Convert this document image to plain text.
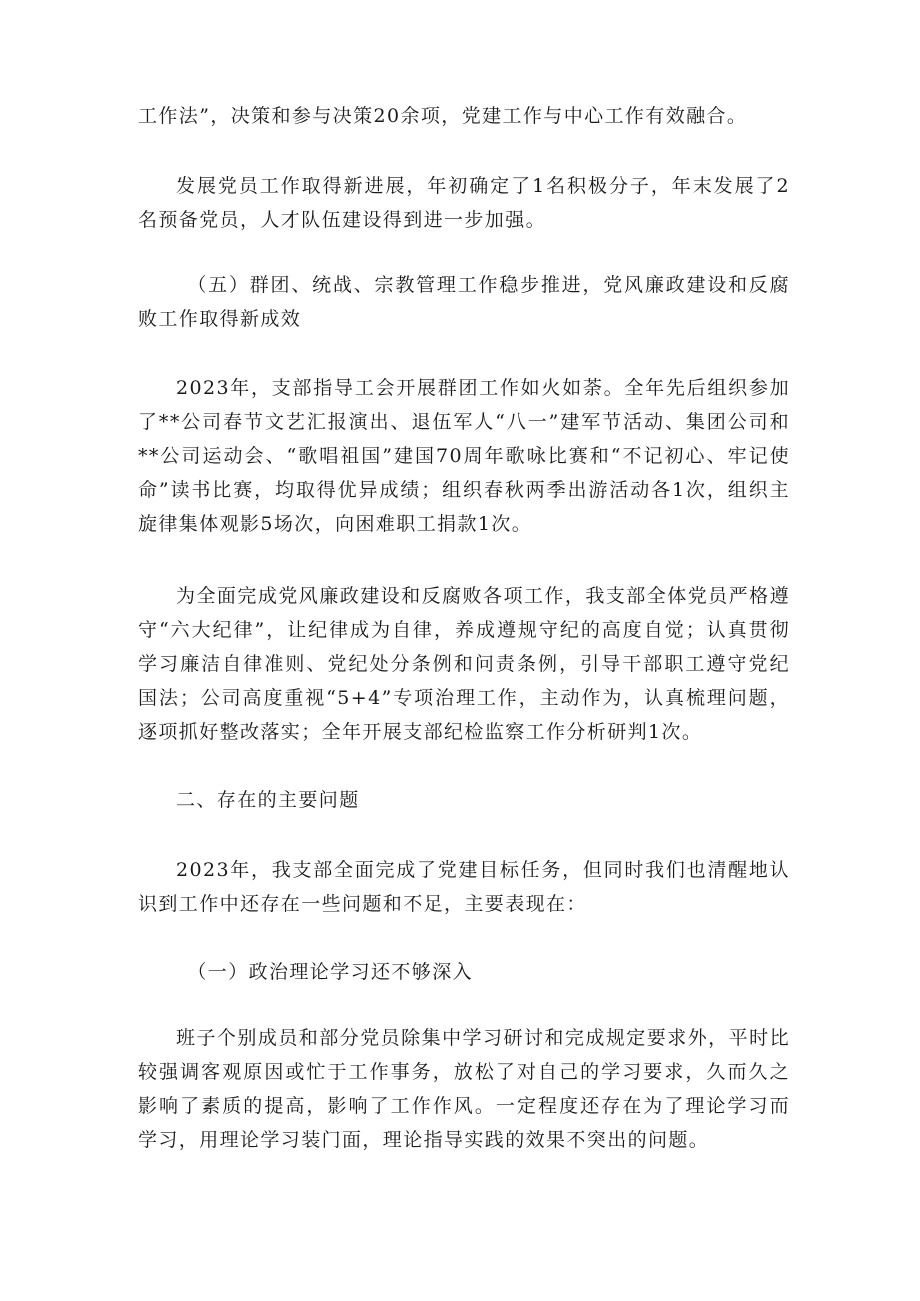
工作法”，决策和参与决策20余项，党建工作与中心工作有效融合。

发展党员工作取得新进展，年初确定了1名积极分子，年末发展了2名预备党员，人才队伍建设得到进一步加强。

（五）群团、统战、宗教管理工作稳步推进，党风廉政建设和反腐败工作取得新成效

2023年，支部指导工会开展群团工作如火如荼。全年先后组织参加了**公司春节文艺汇报演出、退伍军人“八一”建军节活动、集团公司和**公司运动会、“歌唱祖国”建国70周年歌咏比赛和“不记初心、牢记使命”读书比赛，均取得优异成绩；组织春秋两季出游活动各1次，组织主旋律集体观影5场次，向困难职工捐款1次。

为全面完成党风廉政建设和反腐败各项工作，我支部全体党员严格遵守“六大纪律”，让纪律成为自律，养成遵规守纪的高度自觉；认真贯彻学习廉洁自律准则、党纪处分条例和问责条例，引导干部职工遵守党纪国法；公司高度重视“5+4”专项治理工作，主动作为，认真梳理问题，逐项抓好整改落实；全年开展支部纪检监察工作分析研判1次。

二、存在的主要问题

2023年，我支部全面完成了党建目标任务，但同时我们也清醒地认识到工作中还存在一些问题和不足，主要表现在：

（一）政治理论学习还不够深入

班子个别成员和部分党员除集中学习研讨和完成规定要求外，平时比较强调客观原因或忙于工作事务，放松了对自己的学习要求，久而久之影响了素质的提高，影响了工作作风。一定程度还存在为了理论学习而学习，用理论学习装门面，理论指导实践的效果不突出的问题。
